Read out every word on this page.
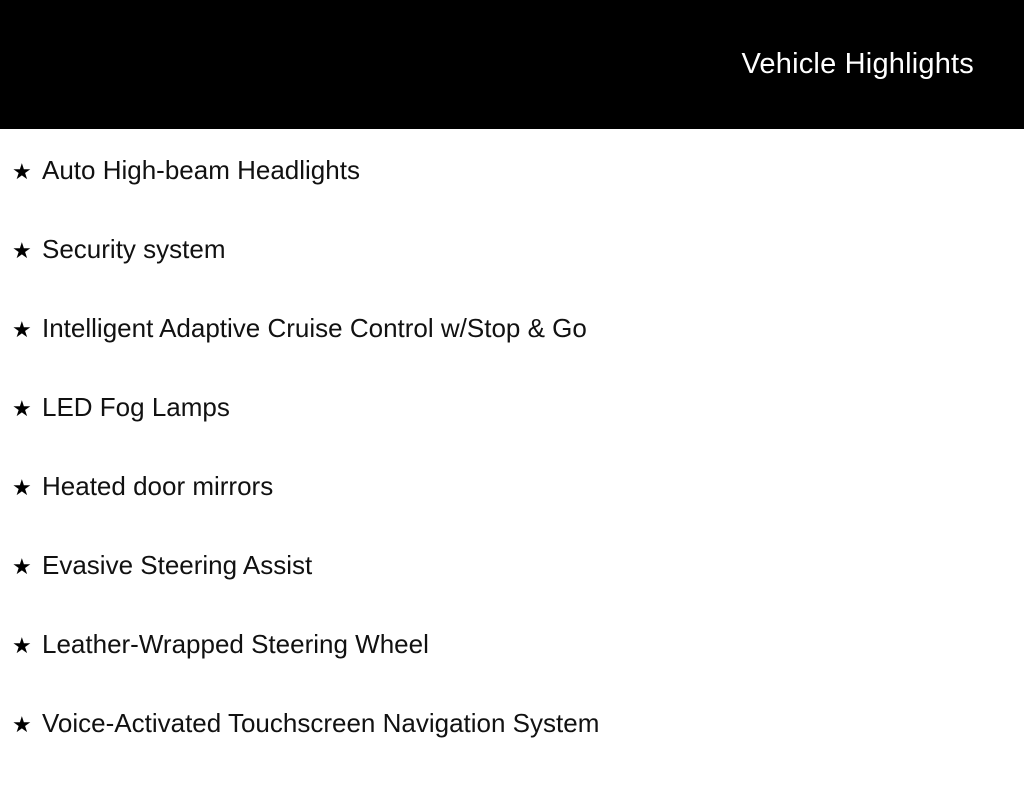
Vehicle Highlights
★ Auto High-beam Headlights
★ Security system
★ Intelligent Adaptive Cruise Control w/Stop & Go
★ LED Fog Lamps
★ Heated door mirrors
★ Evasive Steering Assist
★ Leather-Wrapped Steering Wheel
★ Voice-Activated Touchscreen Navigation System
